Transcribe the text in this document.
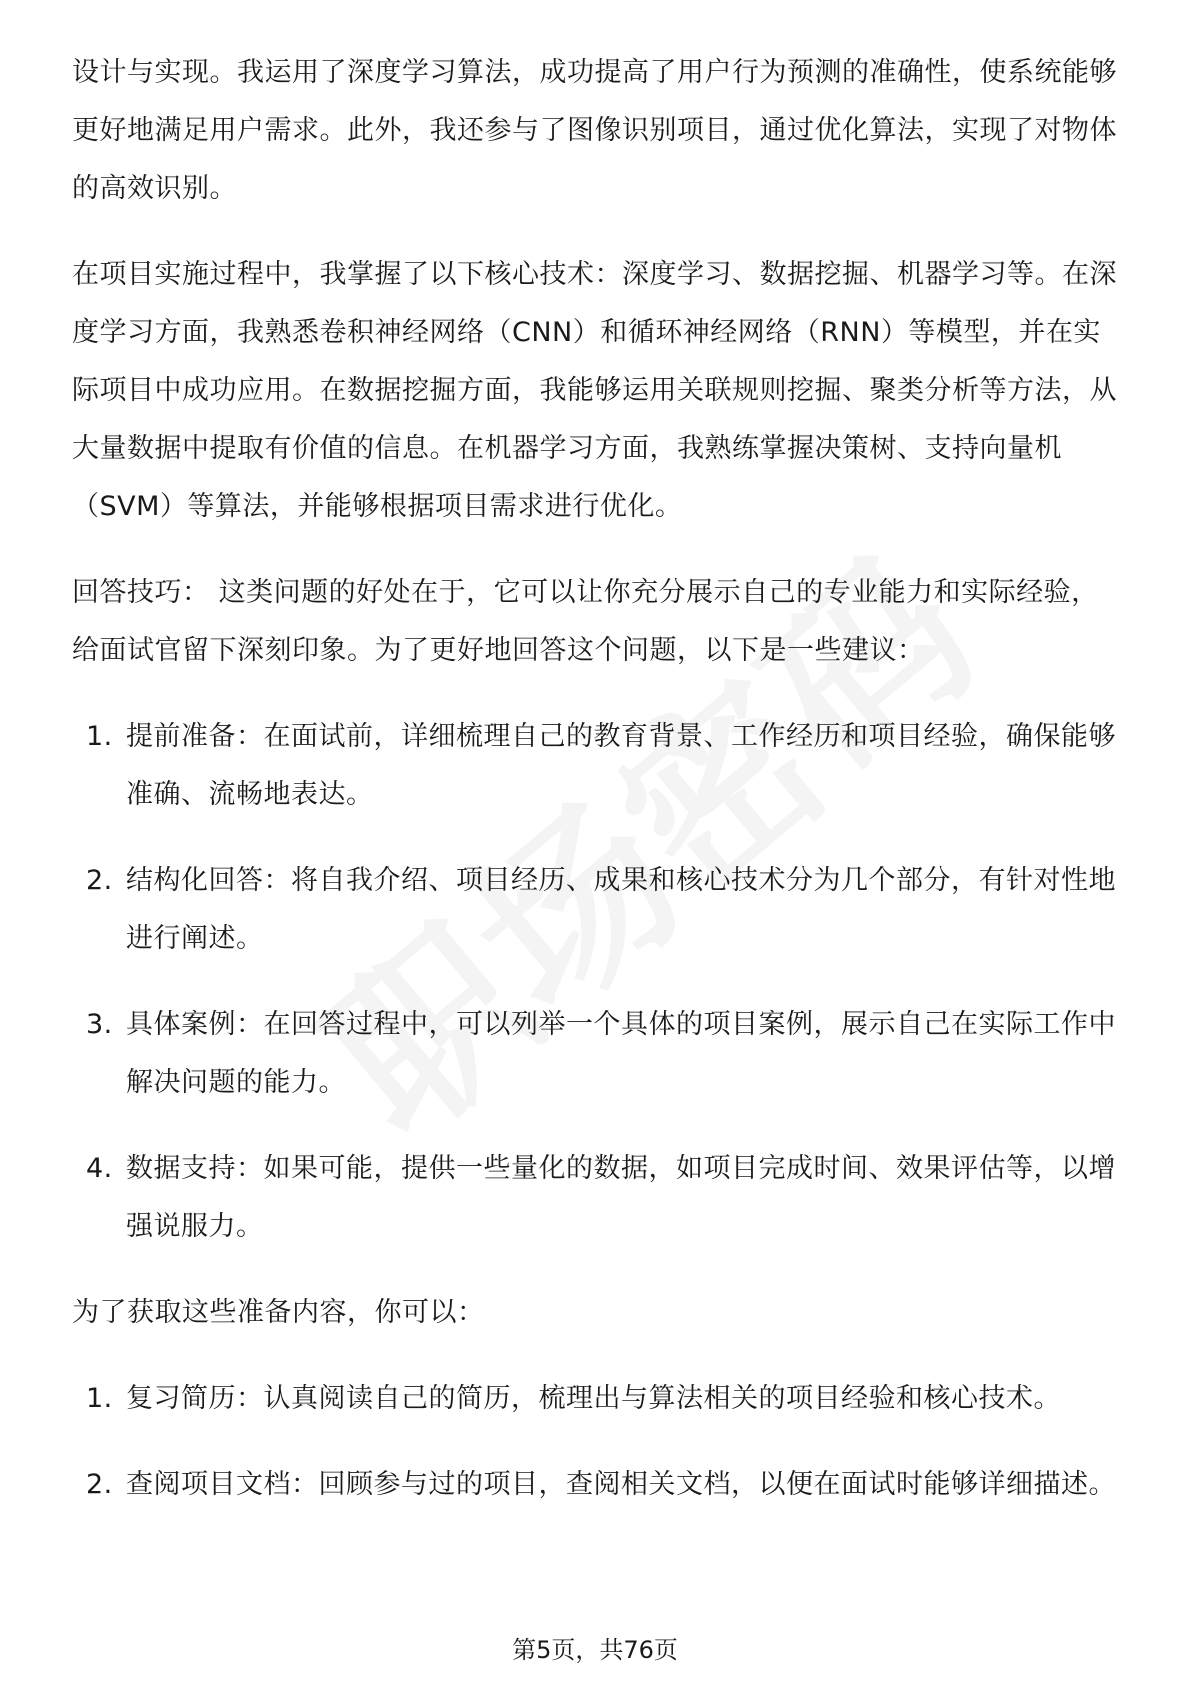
设计与实现。我运用了深度学习算法，成功提高了用户行为预测的准确性，使系统能够更好地满足用户需求。此外，我还参与了图像识别项目，通过优化算法，实现了对物体的高效识别。

在项目实施过程中，我掌握了以下核心技术：深度学习、数据挖掘、机器学习等。在深度学习方面，我熟悉卷积神经网络（CNN）和循环神经网络（RNN）等模型，并在实际项目中成功应用。在数据挖掘方面，我能够运用关联规则挖掘、聚类分析等方法，从大量数据中提取有价值的信息。在机器学习方面，我熟练掌握决策树、支持向量机（SVM）等算法，并能够根据项目需求进行优化。

回答技巧： 这类问题的好处在于，它可以让你充分展示自己的专业能力和实际经验，给面试官留下深刻印象。为了更好地回答这个问题，以下是一些建议：

1. 提前准备：在面试前，详细梳理自己的教育背景、工作经历和项目经验，确保能够准确、流畅地表达。
2. 结构化回答：将自我介绍、项目经历、成果和核心技术分为几个部分，有针对性地进行阐述。
3. 具体案例：在回答过程中，可以列举一个具体的项目案例，展示自己在实际工作中解决问题的能力。
4. 数据支持：如果可能，提供一些量化的数据，如项目完成时间、效果评估等，以增强说服力。

为了获取这些准备内容，你可以：

1. 复习简历：认真阅读自己的简历，梳理出与算法相关的项目经验和核心技术。
2. 查阅项目文档：回顾参与过的项目，查阅相关文档，以便在面试时能够详细描述。
第5页，共76页
